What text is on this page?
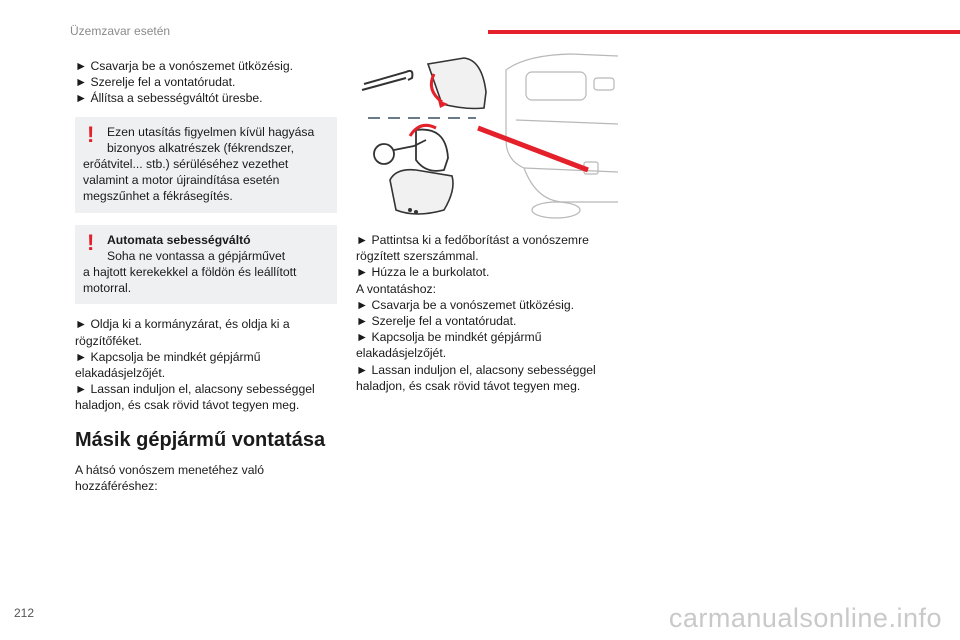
Üzemzavar esetén
► Csavarja be a vonószemet ütközésig.
► Szerelje fel a vontatórudat.
► Állítsa a sebességváltót üresbe.
!	Ezen utasítás figyelmen kívül hagyása
bizonyos alkatrészek (fékrendszer,
erőátvitel... stb.) sérüléséhez vezethet
valamint a motor újraindítása esetén
megszűnhet a fékrásegítés.
!	Automata sebességváltó
Soha ne vontassa a gépjárművet
a hajtott kerekekkel a földön és leállított
motorral.
► Oldja ki a kormányzárat, és oldja ki a
rögzítőféket.
► Kapcsolja be mindkét gépjármű
elakadásjelzőjét.
► Lassan induljon el, alacsony sebességgel
haladjon, és csak rövid távot tegyen meg.
Másik gépjármű vontatása
A hátsó vonószem menetéhez való
hozzáféréshez:
► Pattintsa ki a fedőborítást a vonószemre
rögzített szerszámmal.
► Húzza le a burkolatot.
A vontatáshoz:
► Csavarja be a vonószemet ütközésig.
► Szerelje fel a vontatórudat.
► Kapcsolja be mindkét gépjármű
elakadásjelzőjét.
► Lassan induljon el, alacsony sebességgel
haladjon, és csak rövid távot tegyen meg.
212	carmanualsonline.info
